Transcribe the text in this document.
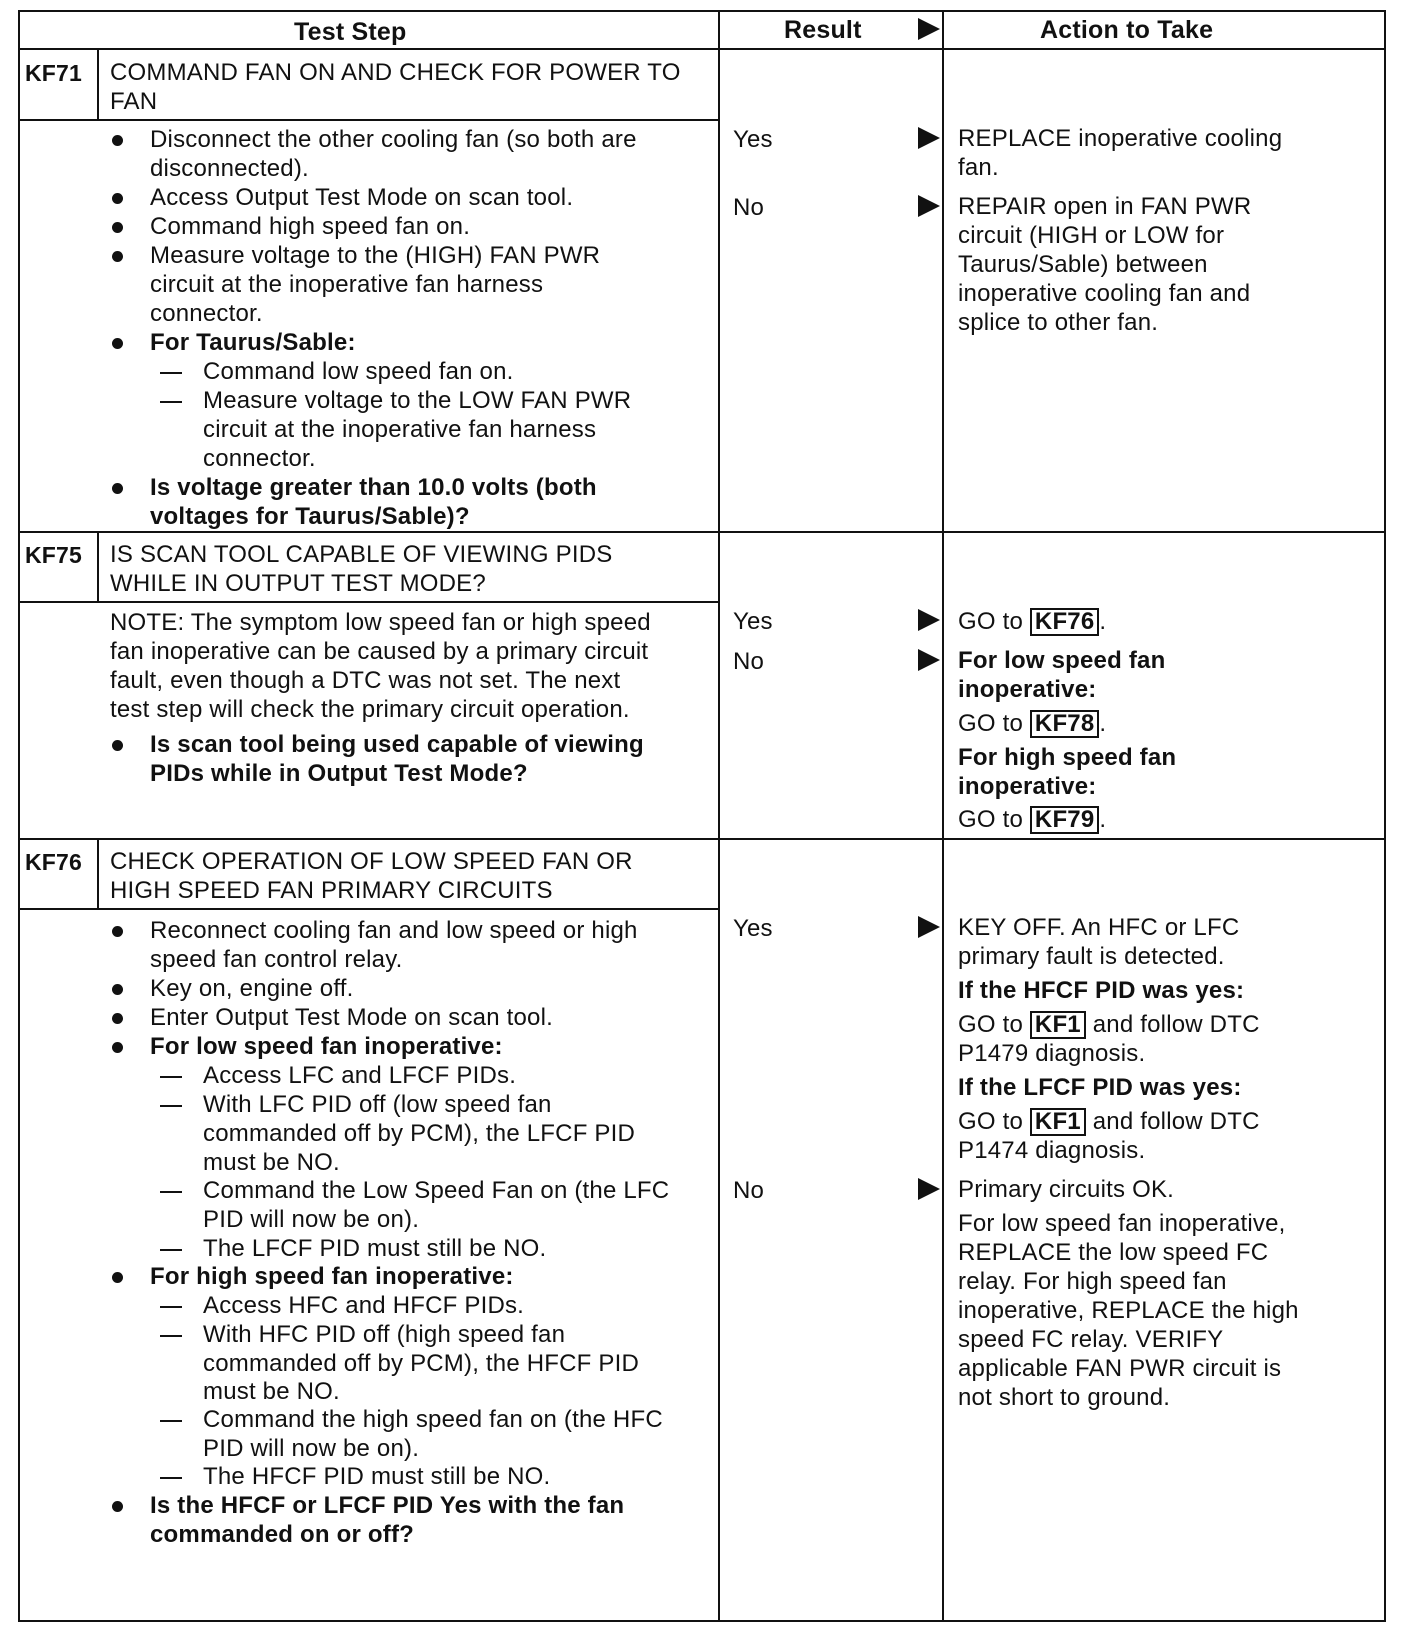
Test Step	Result	Action to Take
KF71 COMMAND FAN ON AND CHECK FOR POWER TO
FAN
Disconnect the other cooling fan (so both are
disconnected).
Access Output Test Mode on scan tool.
Command high speed fan on.
Measure voltage to the (HIGH) FAN PWR
circuit at the inoperative fan harness
connector.
For Taurus/Sable:
Command low speed fan on.
Measure voltage to the LOW FAN PWR
circuit at the inoperative fan harness
connector.
Is voltage greater than 10.0 volts (both
voltages for Taurus/Sable)?
Yes
No
REPLACE inoperative cooling
fan.
REPAIR open in FAN PWR
circuit (HIGH or LOW for
Taurus/Sable) between
inoperative cooling fan and
splice to other fan.
KF75 IS SCAN TOOL CAPABLE OF VIEWING PIDS
WHILE IN OUTPUT TEST MODE?
NOTE: The symptom low speed fan or high speed
fan inoperative can be caused by a primary circuit
fault, even though a DTC was not set. The next
test step will check the primary circuit operation.
Is scan tool being used capable of viewing
PIDs while in Output Test Mode?
Yes
No
GO to KF76 .
For low speed fan
inoperative:
GO to KF78 .
For high speed fan
inoperative:
GO to KF79 .
KF76 CHECK OPERATION OF LOW SPEED FAN OR
HIGH SPEED FAN PRIMARY CIRCUITS
Reconnect cooling fan and low speed or high
speed fan control relay.
Key on, engine off.
Enter Output Test Mode on scan tool.
For low speed fan inoperative:
Access LFC and LFCF PIDs.
With LFC PID off (low speed fan
commanded off by PCM), the LFCF PID
must be NO.
Command the Low Speed Fan on (the LFC
PID will now be on).
The LFCF PID must still be NO.
For high speed fan inoperative:
Access HFC and HFCF PIDs.
With HFC PID off (high speed fan
commanded off by PCM), the HFCF PID
must be NO.
Command the high speed fan on (the HFC
PID will now be on).
The HFCF PID must still be NO.
Is the HFCF or LFCF PID Yes with the fan
commanded on or off?
Yes
No
KEY OFF. An HFC or LFC
primary fault is detected.
If the HFCF PID was yes:
GO to KF1 and follow DTC
P1479 diagnosis.
If the LFCF PID was yes:
GO to KF1 and follow DTC
P1474 diagnosis.
Primary circuits OK.
For low speed fan inoperative,
REPLACE the low speed FC
relay. For high speed fan
inoperative, REPLACE the high
speed FC relay. VERIFY
applicable FAN PWR circuit is
not short to ground.
